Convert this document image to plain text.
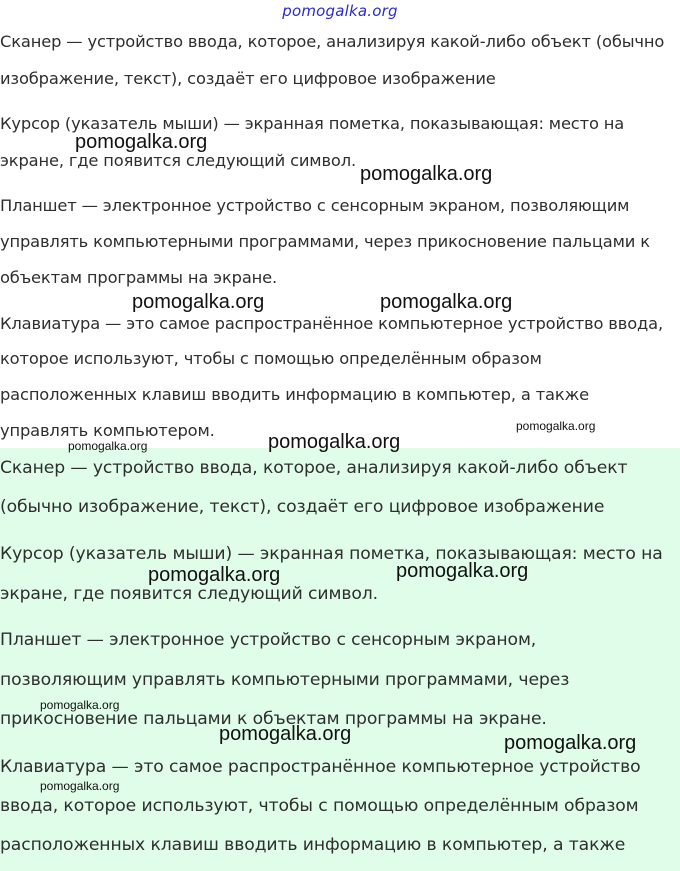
pomogalka.org
Сканер — устройство ввода, которое, анализируя какой-либо объект (обычно
изображение, текст), создаёт его цифровое изображение
Курсор (указатель мыши) — экранная пометка, показывающая: место на
экране, где появится следующий символ.
Планшет — электронное устройство с сенсорным экраном, позволяющим
управлять компьютерными программами, через прикосновение пальцами к
объектам программы на экране.
Клавиатура — это самое распространённое компьютерное устройство ввода,
которое используют, чтобы с помощью определённым образом
расположенных клавиш вводить информацию в компьютер, а также
управлять компьютером.
Сканер — устройство ввода, которое, анализируя какой-либо объект
(обычно изображение, текст), создаёт его цифровое изображение
Курсор (указатель мыши) — экранная пометка, показывающая: место на
экране, где появится следующий символ.
Планшет — электронное устройство с сенсорным экраном,
позволяющим управлять компьютерными программами, через
прикосновение пальцами к объектам программы на экране.
Клавиатура — это самое распространённое компьютерное устройство
ввода, которое используют, чтобы с помощью определённым образом
расположенных клавиш вводить информацию в компьютер, а также
pomogalka.org
pomogalka.org
pomogalka.org	pomogalka.org
pomogalka.org	pomogalka.org
pomogalka.org
pomogalka.org	pomogalka.org
pomogalka.org
pomogalka.org	pomogalka.org
pomogalka.org
